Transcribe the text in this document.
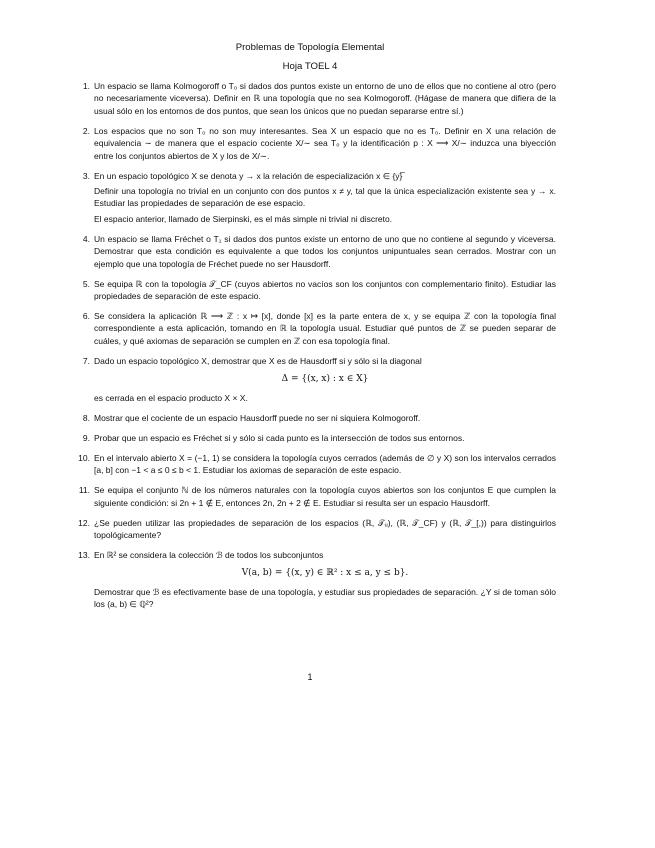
Problemas de Topología Elemental
Hoja TOEL 4
1. Un espacio se llama Kolmogoroff o T₀ si dados dos puntos existe un entorno de uno de ellos que no contiene al otro (pero no necesariamente viceversa). Definir en ℝ una topología que no sea Kolmogoroff. (Hágase de manera que difiera de la usual sólo en los entornos de dos puntos, que sean los únicos que no puedan separarse entre sí.)
2. Los espacios que no son T₀ no son muy interesantes. Sea X un espacio que no es T₀. Definir en X una relación de equivalencia ∼ de manera que el espacio cociente X/∼ sea T₀ y la identificación p : X ⟶ X/∼ induzca una biyección entre los conjuntos abiertos de X y los de X/∼.
3. En un espacio topológico X se denota y → x la relación de especialización x ∈ {y}̅
Definir una topología no trivial en un conjunto con dos puntos x ≠ y, tal que la única especialización existente sea y → x. Estudiar las propiedades de separación de ese espacio.
El espacio anterior, llamado de Sierpinski, es el más simple ni trivial ni discreto.
4. Un espacio se llama Fréchet o T₁ si dados dos puntos existe un entorno de uno que no contiene al segundo y viceversa. Demostrar que esta condición es equivalente a que todos los conjuntos unipuntuales sean cerrados. Mostrar con un ejemplo que una topología de Fréchet puede no ser Hausdorff.
5. Se equipa ℝ con la topología 𝒯_CF (cuyos abiertos no vacíos son los conjuntos con complementario finito). Estudiar las propiedades de separación de este espacio.
6. Se considera la aplicación ℝ ⟶ ℤ : x ↦ [x], donde [x] es la parte entera de x, y se equipa ℤ con la topología final correspondiente a esta aplicación, tomando en ℝ la topología usual. Estudiar qué puntos de ℤ se pueden separar de cuáles, y qué axiomas de separación se cumplen en ℤ con esa topología final.
7. Dado un espacio topológico X, demostrar que X es de Hausdorff si y sólo si la diagonal
Δ = {(x, x) : x ∈ X}
es cerrada en el espacio producto X × X.
8. Mostrar que el cociente de un espacio Hausdorff puede no ser ni siquiera Kolmogoroff.
9. Probar que un espacio es Fréchet si y sólo si cada punto es la intersección de todos sus entornos.
10. En el intervalo abierto X = (−1, 1) se considera la topología cuyos cerrados (además de ∅ y X) son los intervalos cerrados [a, b] con −1 < a ≤ 0 ≤ b < 1. Estudiar los axiomas de separación de este espacio.
11. Se equipa el conjunto ℕ de los números naturales con la topología cuyos abiertos son los conjuntos E que cumplen la siguiente condición: si 2n + 1 ∉ E, entonces 2n, 2n + 2 ∉ E. Estudiar si resulta ser un espacio Hausdorff.
12. ¿Se pueden utilizar las propiedades de separación de los espacios (ℝ, 𝒯ᵤ), (ℝ, 𝒯_CF) y (ℝ, 𝒯_[,)) para distinguirlos topológicamente?
13. En ℝ² se considera la colección ℬ de todos los subconjuntos
V(a, b) = {(x, y) ∈ ℝ² : x ≤ a, y ≤ b}.
Demostrar que ℬ es efectivamente base de una topología, y estudiar sus propiedades de separación. ¿Y si de toman sólo los (a, b) ∈ ℚ²?
1
